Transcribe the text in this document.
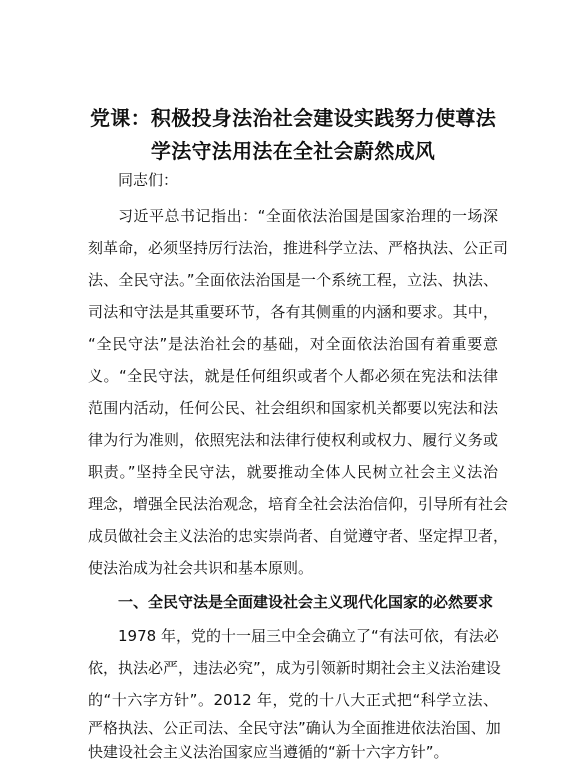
党课：积极投身法治社会建设实践努力使尊法
学法守法用法在全社会蔚然成风
同志们：
习近平总书记指出：“全面依法治国是国家治理的一场深
刻革命，必须坚持厉行法治，推进科学立法、严格执法、公正司
法、全民守法。”全面依法治国是一个系统工程，立法、执法、
司法和守法是其重要环节，各有其侧重的内涵和要求。其中，
“全民守法”是法治社会的基础，对全面依法治国有着重要意
义。“全民守法，就是任何组织或者个人都必须在宪法和法律
范围内活动，任何公民、社会组织和国家机关都要以宪法和法
律为行为准则，依照宪法和法律行使权利或权力、履行义务或
职责。”坚持全民守法，就要推动全体人民树立社会主义法治
理念，增强全民法治观念，培育全社会法治信仰，引导所有社会
成员做社会主义法治的忠实崇尚者、自觉遵守者、坚定捍卫者，
使法治成为社会共识和基本原则。
一、全民守法是全面建设社会主义现代化国家的必然要求
1978 年，党的十一届三中全会确立了“有法可依，有法必
依，执法必严，违法必究”，成为引领新时期社会主义法治建设
的“十六字方针”。2012 年，党的十八大正式把“科学立法、
严格执法、公正司法、全民守法”确认为全面推进依法治国、加
快建设社会主义法治国家应当遵循的“新十六字方针”。
